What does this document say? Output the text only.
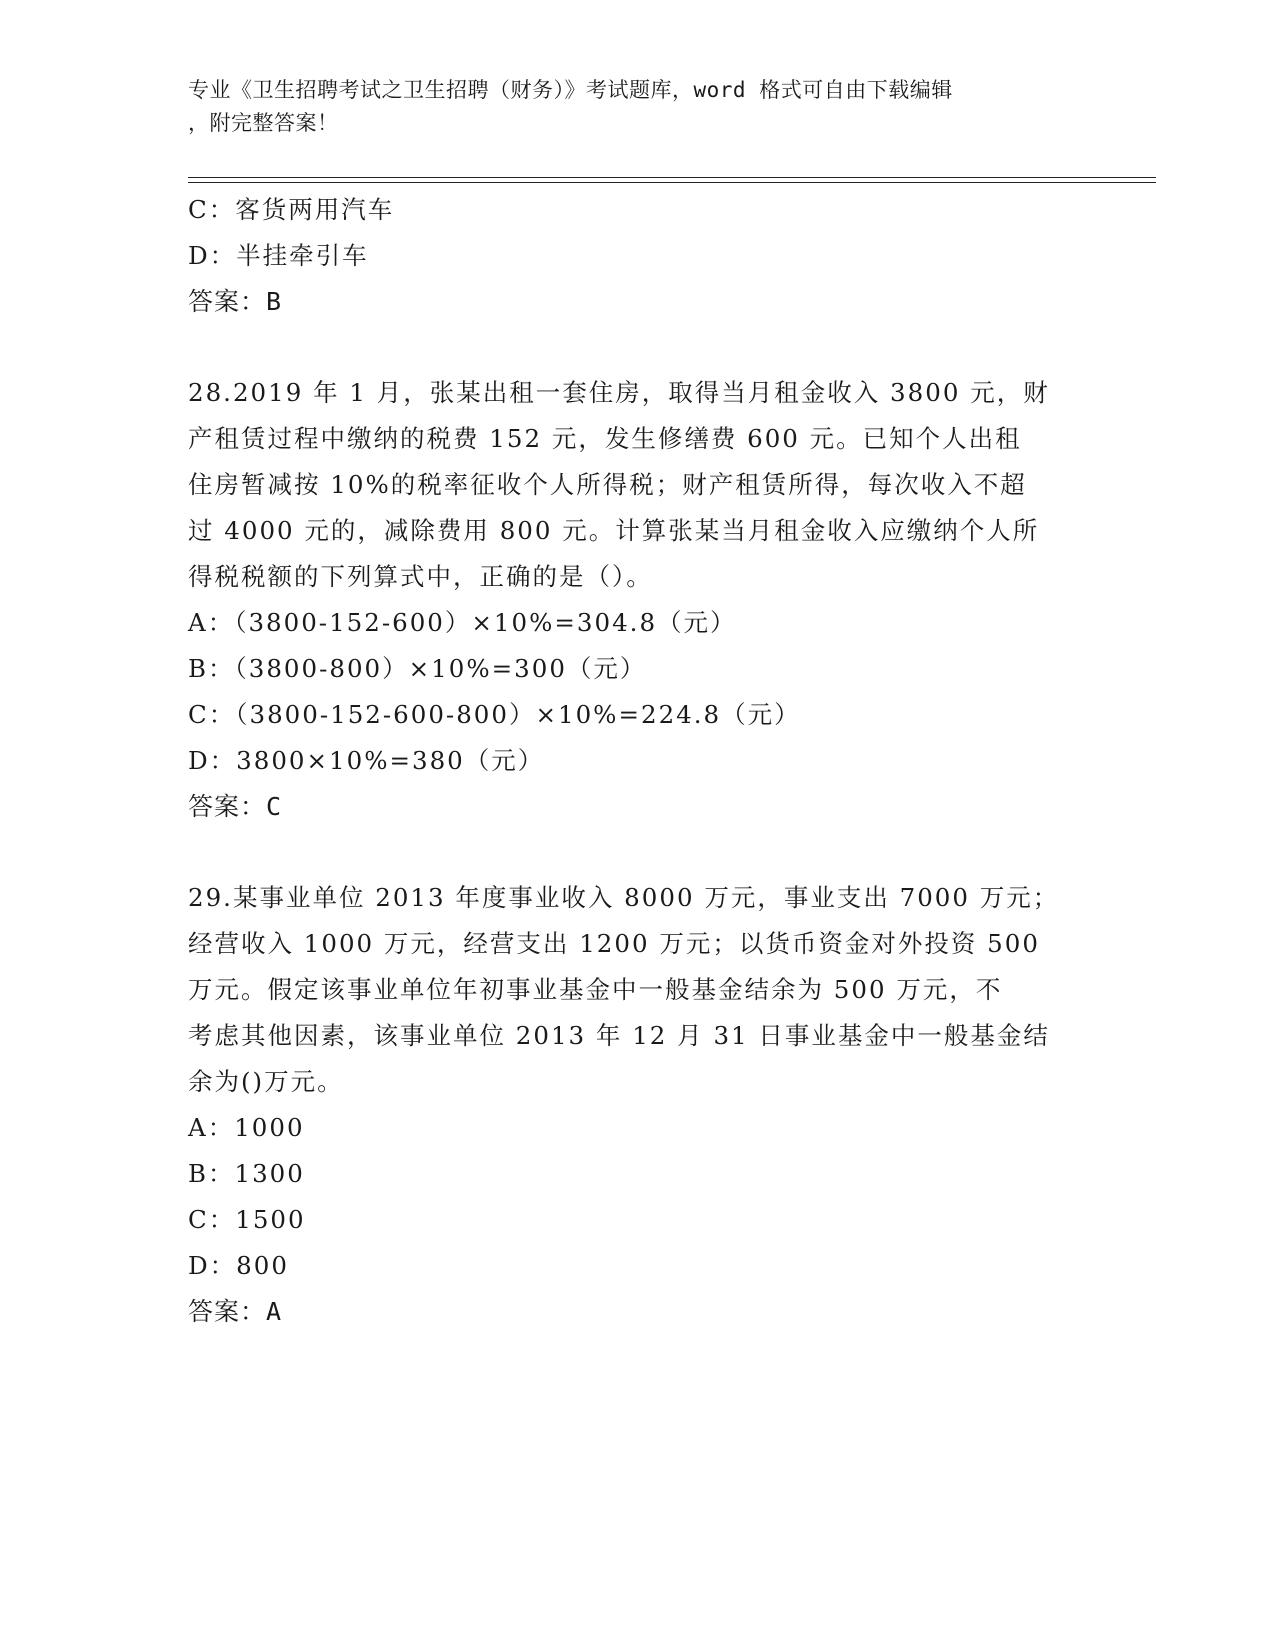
专业《卫生招聘考试之卫生招聘（财务）》考试题库，word 格式可自由下载编辑
，附完整答案！
C：客货两用汽车
D：半挂牵引车
答案：B
28.2019 年 1 月，张某出租一套住房，取得当月租金收入 3800 元，财
产租赁过程中缴纳的税费 152 元，发生修缮费 600 元。已知个人出租
住房暂减按 10%的税率征收个人所得税；财产租赁所得，每次收入不超
过 4000 元的，减除费用 800 元。计算张某当月租金收入应缴纳个人所
得税税额的下列算式中，正确的是（）。
A：（3800-152-600）×10%=304.8（元）
B：（3800-800）×10%=300（元）
C：（3800-152-600-800）×10%=224.8（元）
D：3800×10%=380（元）
答案：C
29.某事业单位 2013 年度事业收入 8000 万元，事业支出 7000 万元；
经营收入 1000 万元，经营支出 1200 万元；以货币资金对外投资 500
万元。假定该事业单位年初事业基金中一般基金结余为 500 万元，不
考虑其他因素，该事业单位 2013 年 12 月 31 日事业基金中一般基金结
余为()万元。
A：1000
B：1300
C：1500
D：800
答案：A
